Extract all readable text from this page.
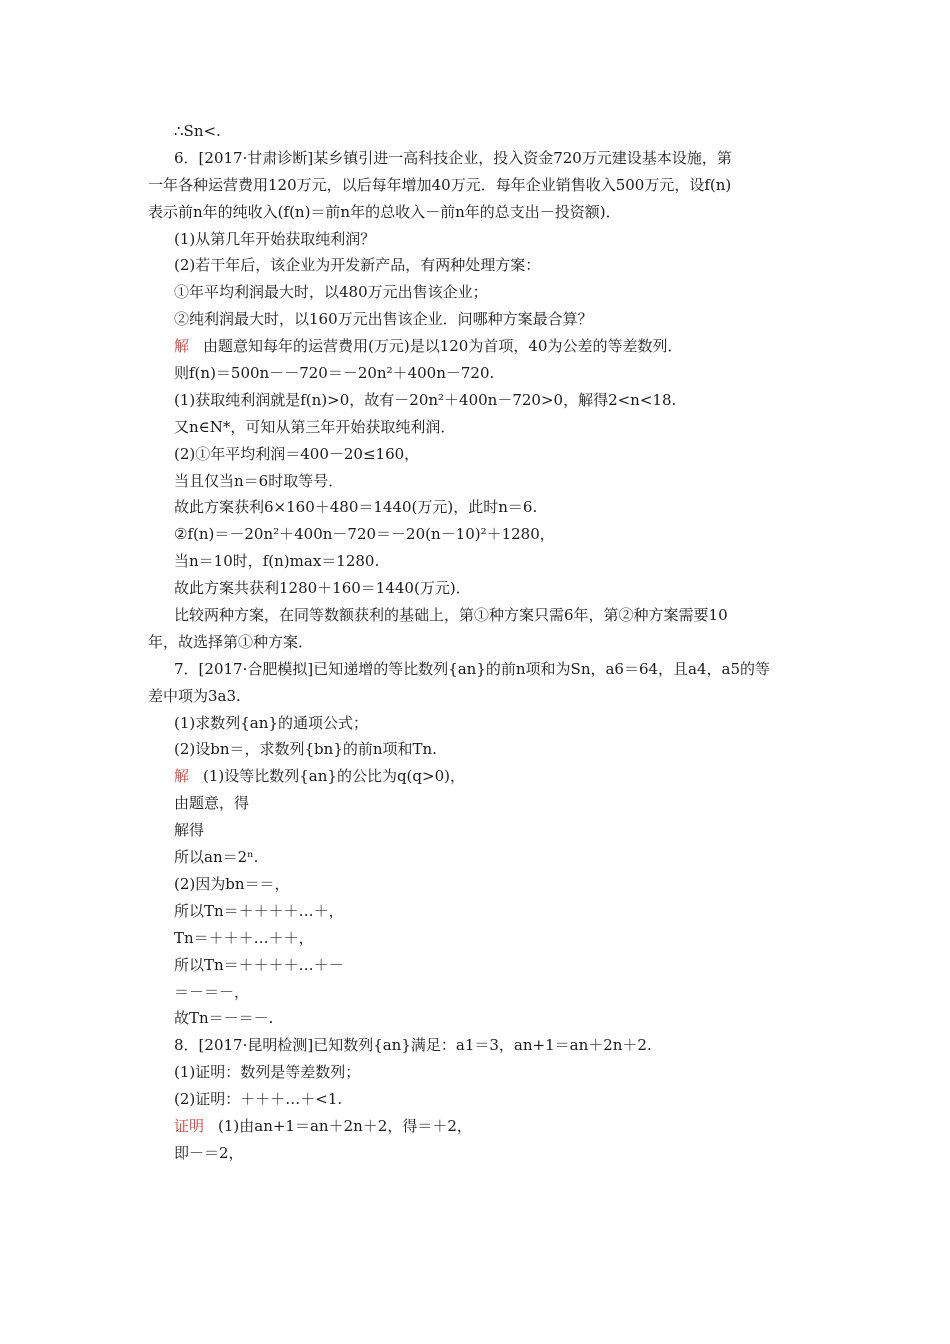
∴Sn<.
6．[2017·甘肃诊断]某乡镇引进一高科技企业，投入资金720万元建设基本设施，第
一年各种运营费用120万元，以后每年增加40万元．每年企业销售收入500万元，设f(n)
表示前n年的纯收入(f(n)＝前n年的总收入－前n年的总支出－投资额)．
(1)从第几年开始获取纯利润？
(2)若干年后，该企业为开发新产品，有两种处理方案：
①年平均利润最大时，以480万元出售该企业；
②纯利润最大时，以160万元出售该企业．问哪种方案最合算？
解 由题意知每年的运营费用(万元)是以120为首项，40为公差的等差数列．
则f(n)＝500n－－720＝－20n²＋400n－720.
(1)获取纯利润就是f(n)>0，故有－20n²＋400n－720>0，解得2<n<18.
又n∈N*，可知从第三年开始获取纯利润．
(2)①年平均利润＝400－20≤160，
当且仅当n＝6时取等号．
故此方案获利6×160＋480＝1440(万元)，此时n＝6.
②f(n)＝－20n²＋400n－720＝－20(n－10)²＋1280，
当n＝10时，f(n)max＝1280.
故此方案共获利1280＋160＝1440(万元)．
比较两种方案，在同等数额获利的基础上，第①种方案只需6年，第②种方案需要10
年，故选择第①种方案．
7．[2017·合肥模拟]已知递增的等比数列{an}的前n项和为Sn，a6＝64，且a4，a5的等
差中项为3a3.
(1)求数列{an}的通项公式；
(2)设bn＝，求数列{bn}的前n项和Tn.
解 (1)设等比数列{an}的公比为q(q>0)，
由题意，得
解得
所以an＝2ⁿ.
(2)因为bn＝＝，
所以Tn＝＋＋＋＋…＋，
Tn＝＋＋＋…＋＋，
所以Tn＝＋＋＋＋…＋－
＝－＝－，
故Tn＝－＝－.
8．[2017·昆明检测]已知数列{an}满足：a1＝3，an+1＝an＋2n＋2.
(1)证明：数列是等差数列；
(2)证明：＋＋＋…＋<1.
证明 (1)由an+1＝an＋2n＋2，得＝＋2，
即－＝2，
